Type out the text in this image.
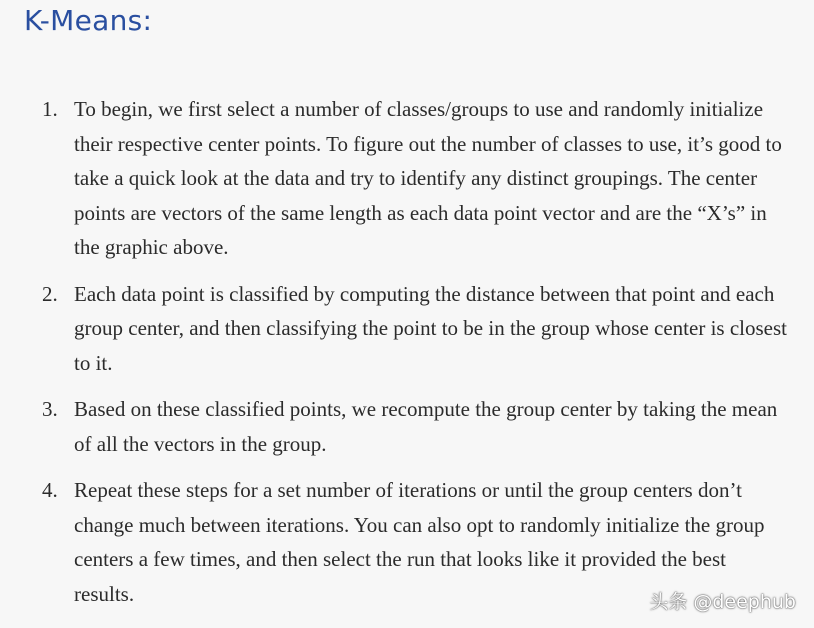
K-Means:
1. To begin, we first select a number of classes/groups to use and randomly initialize their respective center points. To figure out the number of classes to use, it’s good to take a quick look at the data and try to identify any distinct groupings. The center points are vectors of the same length as each data point vector and are the “X’s” in the graphic above.
2. Each data point is classified by computing the distance between that point and each group center, and then classifying the point to be in the group whose center is closest to it.
3. Based on these classified points, we recompute the group center by taking the mean of all the vectors in the group.
4. Repeat these steps for a set number of iterations or until the group centers don’t change much between iterations. You can also opt to randomly initialize the group centers a few times, and then select the run that looks like it provided the best results.	头条 @deephub
